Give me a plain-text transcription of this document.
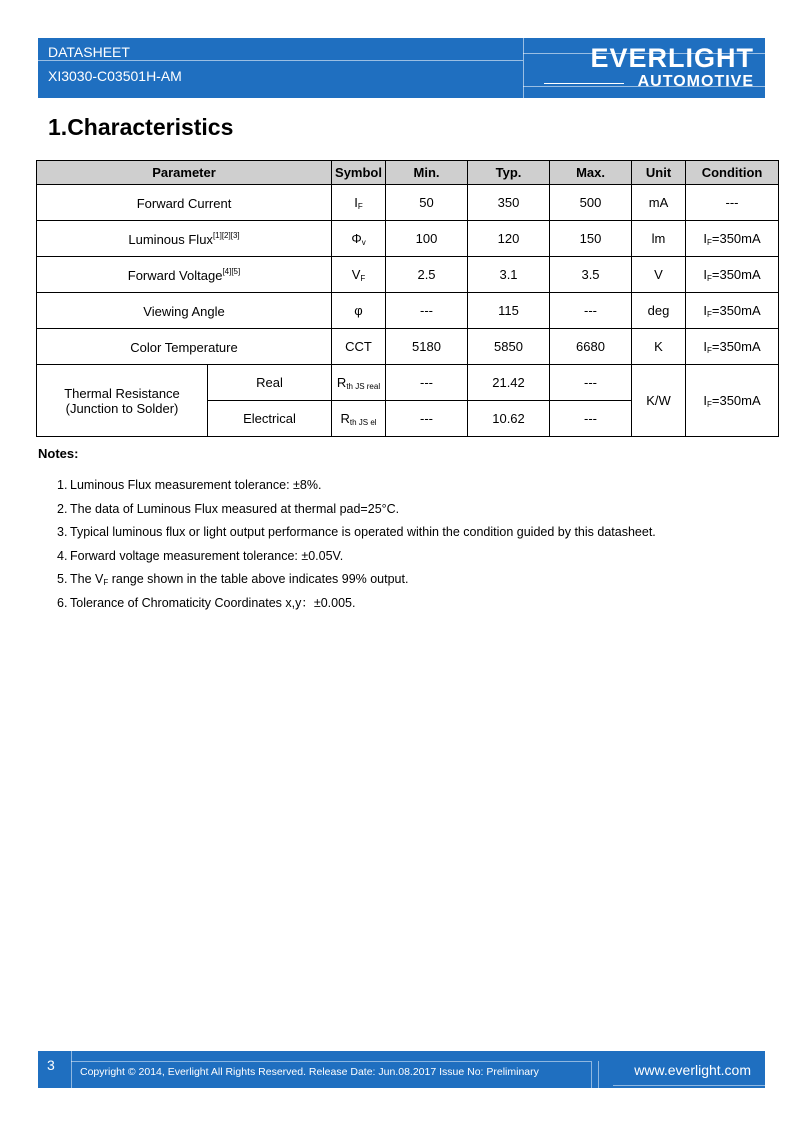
DATASHEET
XI3030-C03501H-AM
EVERLIGHT
AUTOMOTIVE
1.Characteristics
Parameter		Symbol	Min.	Typ.	Max.	Unit	Condition
Forward Current		$I_F$	50	350	500	mA	---
Luminous Flux[1][2][3]		$\Phi_v$	100	120	150	lm	$I_F=350mA$
Forward Voltage[4][5]		$V_F$	2.5	3.1	3.5	V	$I_F=350mA$
Viewing Angle		φ	---	115	---	deg	$I_F=350mA$
Color Temperature		CCT	5180	5850	6680	K	$I_F=350mA$

Thermal Resistance
(Junction to Solder)	Real	$R_{th JS real}$	---	21.42	---	K/W	$I_F=350mA$
	Electrical	$R_{th JS el}$	---	10.62	---		
Notes:
1. Luminous Flux measurement tolerance: ±8%.
2. The data of Luminous Flux measured at thermal pad=25°C.
3. Typical luminous flux or light output performance is operated within the condition guided by this datasheet.
4. Forward voltage measurement tolerance: ±0.05V.
5. The $V_F$ range shown in the table above indicates 99% output.
6. Tolerance of Chromaticity Coordinates x,y：±0.005.
3 Copyright © 2014, Everlight All Rights Reserved. Release Date: Jun.08.2017 Issue No: Preliminary	www.everlight.com
